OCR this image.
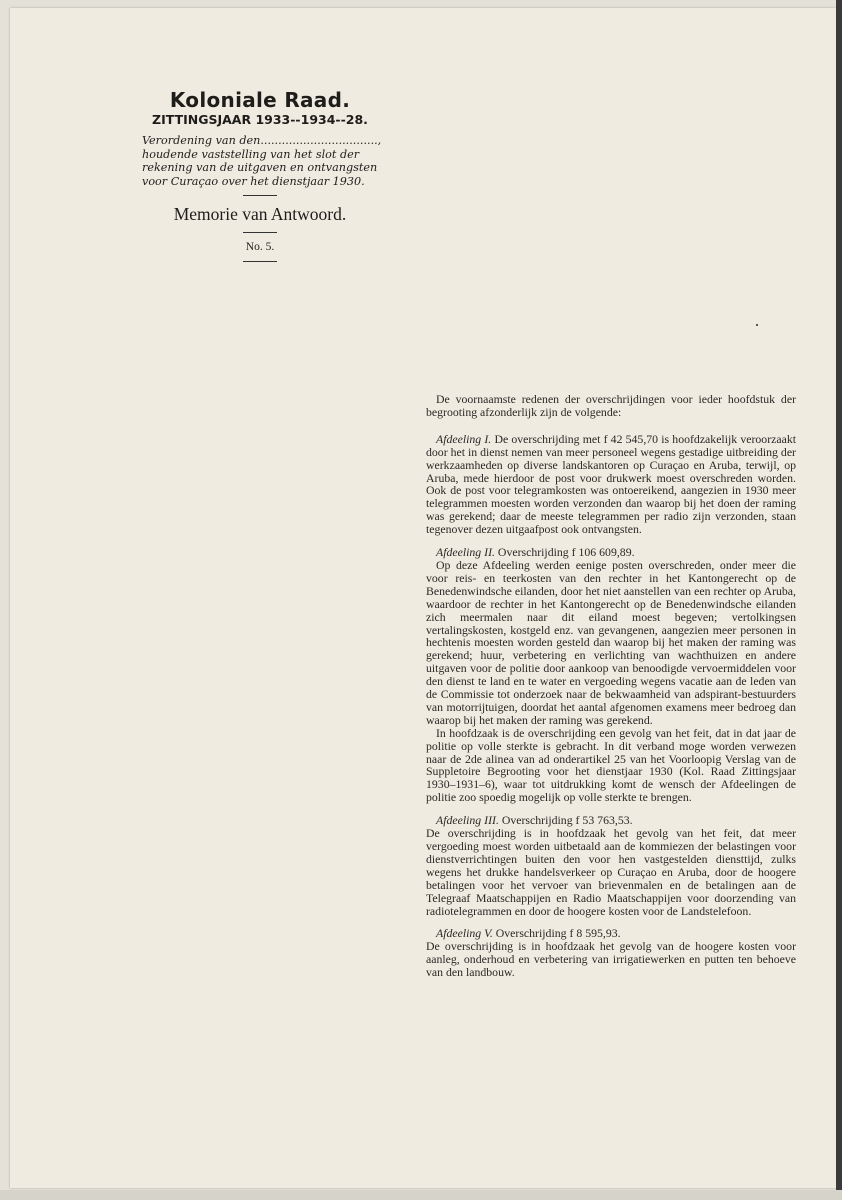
Koloniale Raad.
ZITTINGSJAAR 1933--1934--28.
Verordening van den................................., houdende vaststelling van het slot der rekening van de uitgaven en ontvangsten voor Curaçao over het dienstjaar 1930.
Memorie van Antwoord.
No. 5.

De voornaamste redenen der overschrijdingen voor ieder hoofdstuk der begrooting afzonderlijk zijn de volgende:

Afdeeling I. De overschrijding met f 42 545,70 is hoofdzakelijk veroorzaakt door het in dienst nemen van meer personeel wegens gestadige uitbreiding der werkzaamheden op diverse landskantoren op Curaçao en Aruba, terwijl, op Aruba, mede hierdoor de post voor drukwerk moest overschreden worden. Ook de post voor telegramkosten was ontoereikend, aangezien in 1930 meer telegrammen moesten worden verzonden dan waarop bij het doen der raming was gerekend; daar de meeste telegrammen per radio zijn verzonden, staan tegenover dezen uitgaafpost ook ontvangsten.

Afdeeling II. Overschrijding f 106 609,89.

Op deze Afdeeling werden eenige posten overschreden, onder meer die voor reis- en teerkosten van den rechter in het Kantongerecht op de Benedenwindsche eilanden, door het niet aanstellen van een rechter op Aruba, waardoor de rechter in het Kantongerecht op de Benedenwindsche eilanden zich meermalen naar dit eiland moest begeven; vertolkingsen vertalingskosten, kostgeld enz. van gevangenen, aangezien meer personen in hechtenis moesten worden gesteld dan waarop bij het maken der raming was gerekend; huur, verbetering en verlichting van wachthuizen en andere uitgaven voor de politie door aankoop van benoodigde vervoermiddelen voor den dienst te land en te water en vergoeding wegens vacatie aan de leden van de Commissie tot onderzoek naar de bekwaamheid van adspirant-bestuurders van motorrijtuigen, doordat het aantal afgenomen examens meer bedroeg dan waarop bij het maken der raming was gerekend.

In hoofdzaak is de overschrijding een gevolg van het feit, dat in dat jaar de politie op volle sterkte is gebracht. In dit verband moge worden verwezen naar de 2de alinea van ad onderartikel 25 van het Voorloopig Verslag van de Suppletoire Begrooting voor het dienstjaar 1930 (Kol. Raad Zittingsjaar 1930–1931–6), waar tot uitdrukking komt de wensch der Afdeelingen de politie zoo spoedig mogelijk op volle sterkte te brengen.

Afdeeling III. Overschrijding f 53 763,53.

De overschrijding is in hoofdzaak het gevolg van het feit, dat meer vergoeding moest worden uitbetaald aan de kommiezen der belastingen voor dienstverrichtingen buiten den voor hen vastgestelden diensttijd, zulks wegens het drukke handelsverkeer op Curaçao en Aruba, door de hoogere betalingen voor het vervoer van brievenmalen en de betalingen aan de Telegraaf Maatschappijen en Radio Maatschappijen voor doorzending van radiotelegrammen en door de hoogere kosten voor de Landstelefoon.

Afdeeling V. Overschrijding f 8 595,93.

De overschrijding is in hoofdzaak het gevolg van de hoogere kosten voor aanleg, onderhoud en verbetering van irrigatiewerken en putten ten behoeve van den landbouw.
